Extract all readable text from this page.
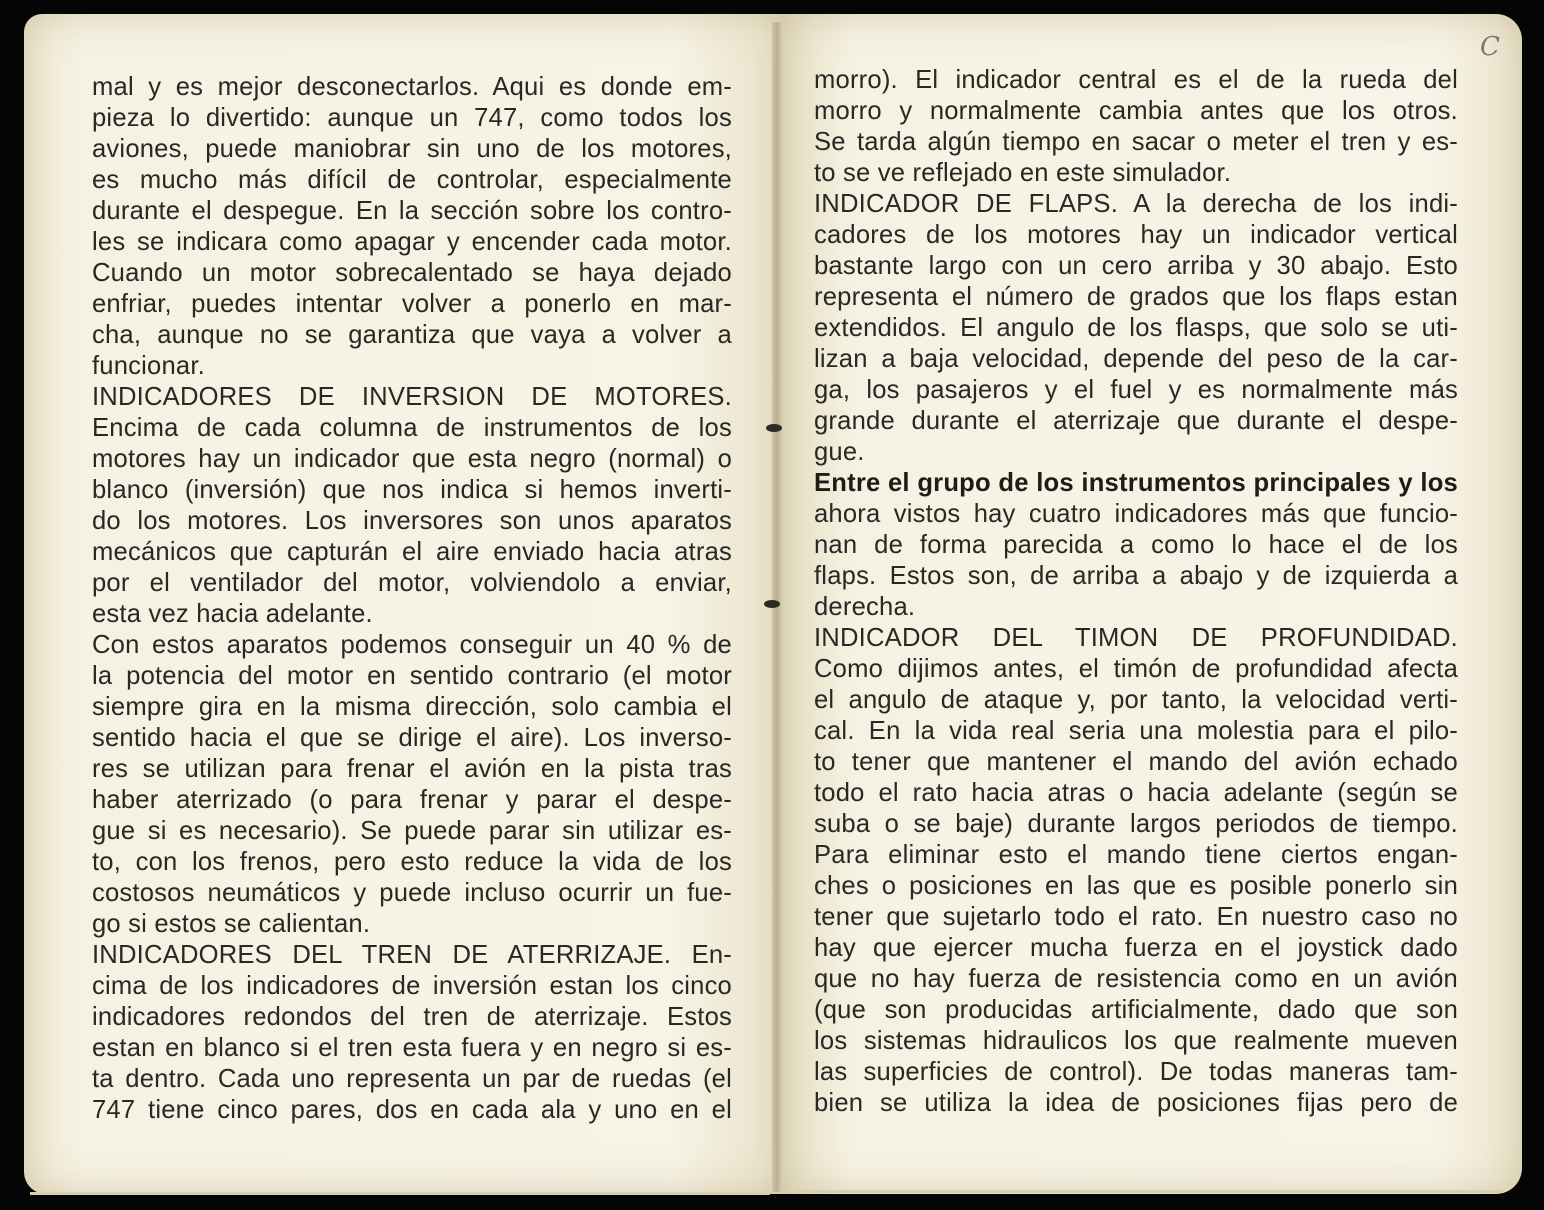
C

mal y es mejor desconectarlos. Aqui es donde em-

pieza lo divertido: aunque un 747, como todos los

aviones, puede maniobrar sin uno de los motores,

es mucho más difícil de controlar, especialmente

durante el despegue. En la sección sobre los contro-

les se indicara como apagar y encender cada motor.

Cuando un motor sobrecalentado se haya dejado

enfriar, puedes intentar volver a ponerlo en mar-

cha, aunque no se garantiza que vaya a volver a

funcionar.

INDICADORES DE INVERSION DE MOTORES.

Encima de cada columna de instrumentos de los

motores hay un indicador que esta negro (normal) o

blanco (inversión) que nos indica si hemos inverti-

do los motores. Los inversores son unos aparatos

mecánicos que capturán el aire enviado hacia atras

por el ventilador del motor, volviendolo a enviar,

esta vez hacia adelante.

Con estos aparatos podemos conseguir un 40 % de

la potencia del motor en sentido contrario (el motor

siempre gira en la misma dirección, solo cambia el

sentido hacia el que se dirige el aire). Los inverso-

res se utilizan para frenar el avión en la pista tras

haber aterrizado (o para frenar y parar el despe-

gue si es necesario). Se puede parar sin utilizar es-

to, con los frenos, pero esto reduce la vida de los

costosos neumáticos y puede incluso ocurrir un fue-

go si estos se calientan.

INDICADORES DEL TREN DE ATERRIZAJE. En-

cima de los indicadores de inversión estan los cinco

indicadores redondos del tren de aterrizaje. Estos

estan en blanco si el tren esta fuera y en negro si es-

ta dentro. Cada uno representa un par de ruedas (el

747 tiene cinco pares, dos en cada ala y uno en el

morro). El indicador central es el de la rueda del

morro y normalmente cambia antes que los otros.

Se tarda algún tiempo en sacar o meter el tren y es-

to se ve reflejado en este simulador.

INDICADOR DE FLAPS. A la derecha de los indi-

cadores de los motores hay un indicador vertical

bastante largo con un cero arriba y 30 abajo. Esto

representa el número de grados que los flaps estan

extendidos. El angulo de los flasps, que solo se uti-

lizan a baja velocidad, depende del peso de la car-

ga, los pasajeros y el fuel y es normalmente más

grande durante el aterrizaje que durante el despe-

gue.

Entre el grupo de los instrumentos principales y los

ahora vistos hay cuatro indicadores más que funcio-

nan de forma parecida a como lo hace el de los

flaps. Estos son, de arriba a abajo y de izquierda a

derecha.

INDICADOR DEL TIMON DE PROFUNDIDAD.

Como dijimos antes, el timón de profundidad afecta

el angulo de ataque y, por tanto, la velocidad verti-

cal. En la vida real seria una molestia para el pilo-

to tener que mantener el mando del avión echado

todo el rato hacia atras o hacia adelante (según se

suba o se baje) durante largos periodos de tiempo.

Para eliminar esto el mando tiene ciertos engan-

ches o posiciones en las que es posible ponerlo sin

tener que sujetarlo todo el rato. En nuestro caso no

hay que ejercer mucha fuerza en el joystick dado

que no hay fuerza de resistencia como en un avión

(que son producidas artificialmente, dado que son

los sistemas hidraulicos los que realmente mueven

las superficies de control). De todas maneras tam-

bien se utiliza la idea de posiciones fijas pero de
